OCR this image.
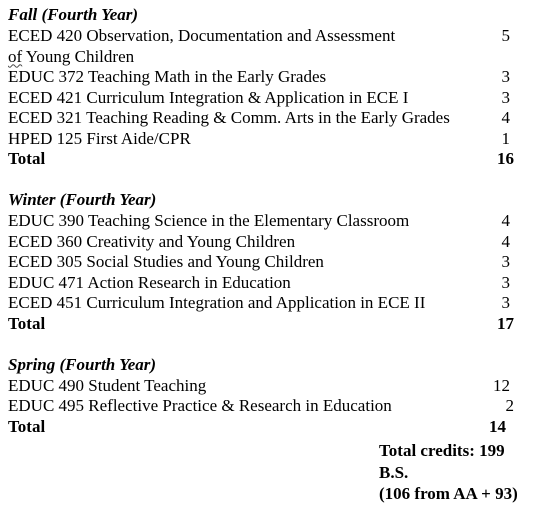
Fall (Fourth Year)
ECED 420 Observation, Documentation and Assessment	5
of Young Children
EDUC 372 Teaching Math in the Early Grades	3
ECED 421 Curriculum Integration & Application in ECE I	3
ECED 321 Teaching Reading & Comm. Arts in the Early Grades	4
HPED 125 First Aide/CPR	1
Total	16
Winter (Fourth Year)
EDUC 390 Teaching Science in the Elementary Classroom	4
ECED 360 Creativity and Young Children	4
ECED 305 Social Studies and Young Children	3
EDUC 471 Action Research in Education	3
ECED 451 Curriculum Integration and Application in ECE II	3
Total	17
Spring (Fourth Year)
EDUC 490 Student Teaching	12
EDUC 495 Reflective Practice & Research in Education	2
Total	14
Total credits: 199
B.S.
(106 from AA + 93)
